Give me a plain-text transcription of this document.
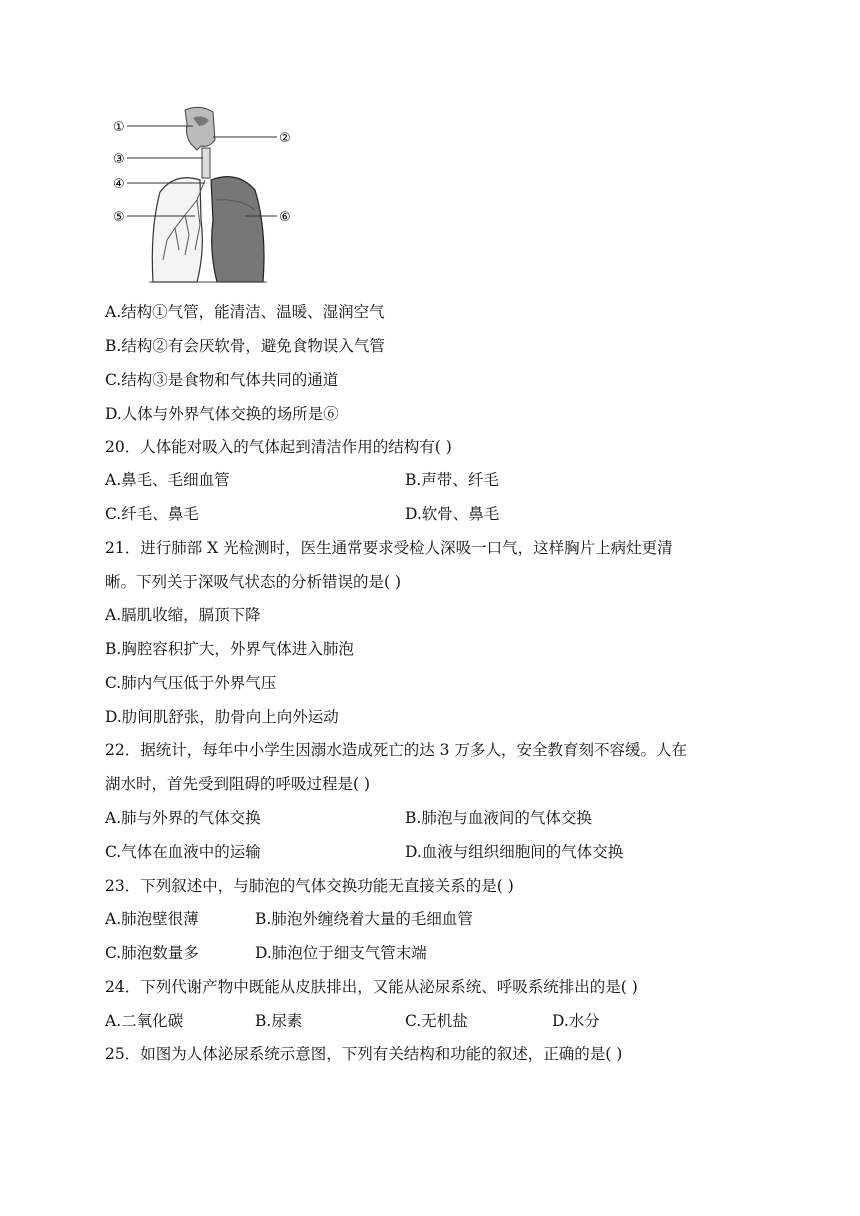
①
②
③
④
⑤	⑥
A.结构①气管，能清洁、温暖、湿润空气
B.结构②有会厌软骨，避免食物误入气管
C.结构③是食物和气体共同的通道
D.人体与外界气体交换的场所是⑥
20．人体能对吸入的气体起到清洁作用的结构有( )
A.鼻毛、毛细血管	B.声带、纤毛
C.纤毛、鼻毛	D.软骨、鼻毛
21．进行肺部 X 光检测时，医生通常要求受检人深吸一口气，这样胸片上病灶更清
晰。下列关于深吸气状态的分析错误的是( )
A.膈肌收缩，膈顶下降
B.胸腔容积扩大，外界气体进入肺泡
C.肺内气压低于外界气压
D.肋间肌舒张，肋骨向上向外运动
22．据统计，每年中小学生因溺水造成死亡的达 3 万多人，安全教育刻不容缓。人在
湖水时，首先受到阻碍的呼吸过程是( )
A.肺与外界的气体交换	B.肺泡与血液间的气体交换
C.气体在血液中的运输	D.血液与组织细胞间的气体交换
23．下列叙述中，与肺泡的气体交换功能无直接关系的是( )
A.肺泡壁很薄	B.肺泡外缠绕着大量的毛细血管
C.肺泡数量多	D.肺泡位于细支气管末端
24．下列代谢产物中既能从皮肤排出，又能从泌尿系统、呼吸系统排出的是( )
A.二氧化碳	B.尿素	C.无机盐	D.水分
25．如图为人体泌尿系统示意图，下列有关结构和功能的叙述，正确的是( )
